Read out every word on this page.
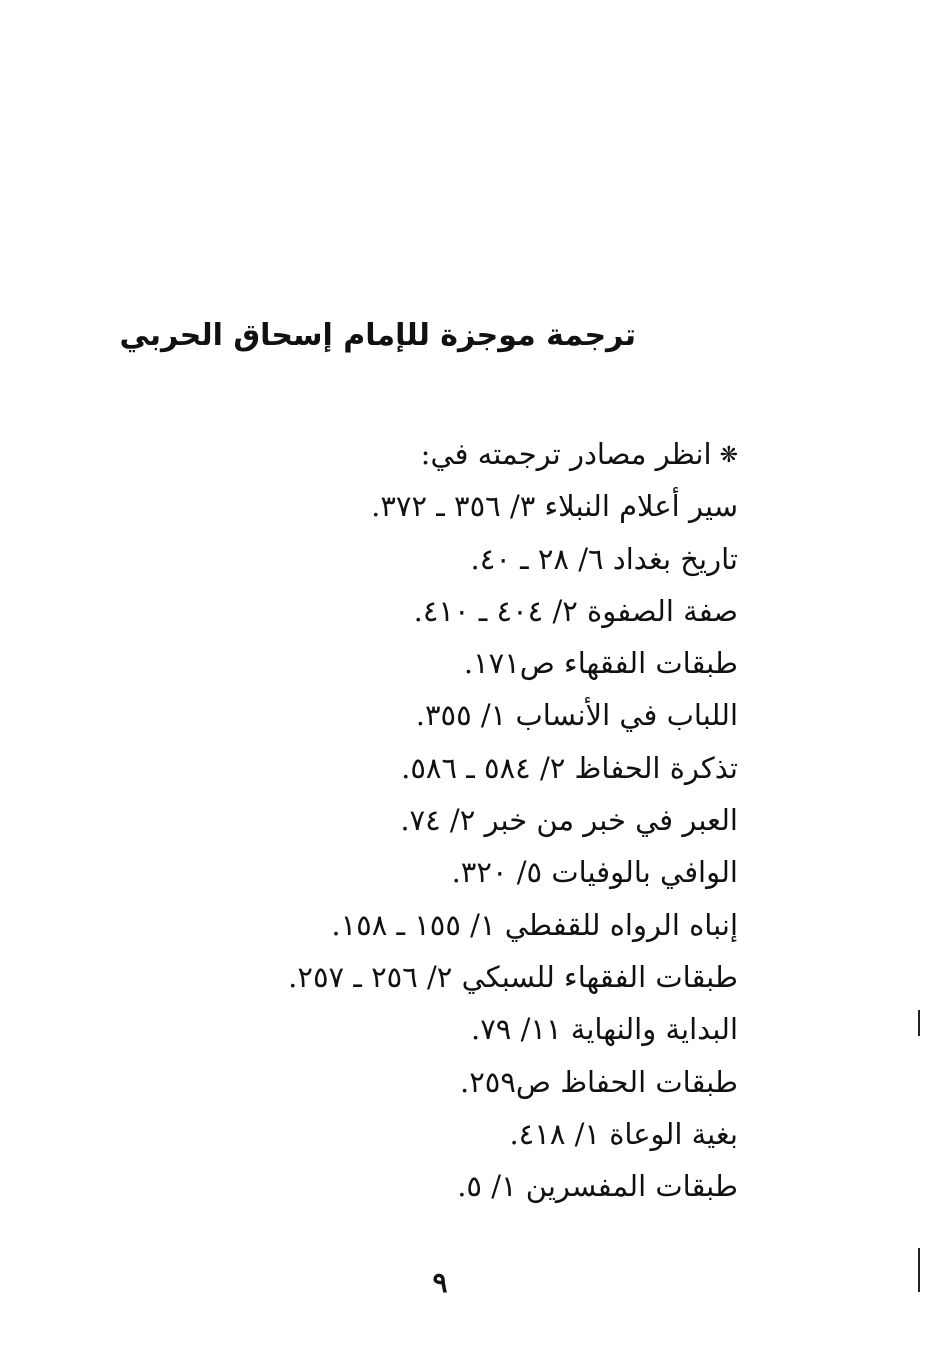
ترجمة موجزة للإمام إسحاق الحربي
❋انظر مصادر ترجمته في:
سير أعلام النبلاء ٣/ ٣٥٦ ـ ٣٧٢.
تاريخ بغداد ٦/ ٢٨ ـ ٤٠.
صفة الصفوة ٢/ ٤٠٤ ـ ٤١٠.
طبقات الفقهاء ص١٧١.
اللباب في الأنساب ١/ ٣٥٥.
تذكرة الحفاظ ٢/ ٥٨٤ ـ ٥٨٦.
العبر في خبر من خبر ٢/ ٧٤.
الوافي بالوفيات ٥/ ٣٢٠.
إنباه الرواه للقفطي ١/ ١٥٥ ـ ١٥٨.
طبقات الفقهاء للسبكي ٢/ ٢٥٦ ـ ٢٥٧.
البداية والنهاية ١١/ ٧٩.
طبقات الحفاظ ص٢٥٩.
بغية الوعاة ١/ ٤١٨.
طبقات المفسرين ١/ ٥.
٩
